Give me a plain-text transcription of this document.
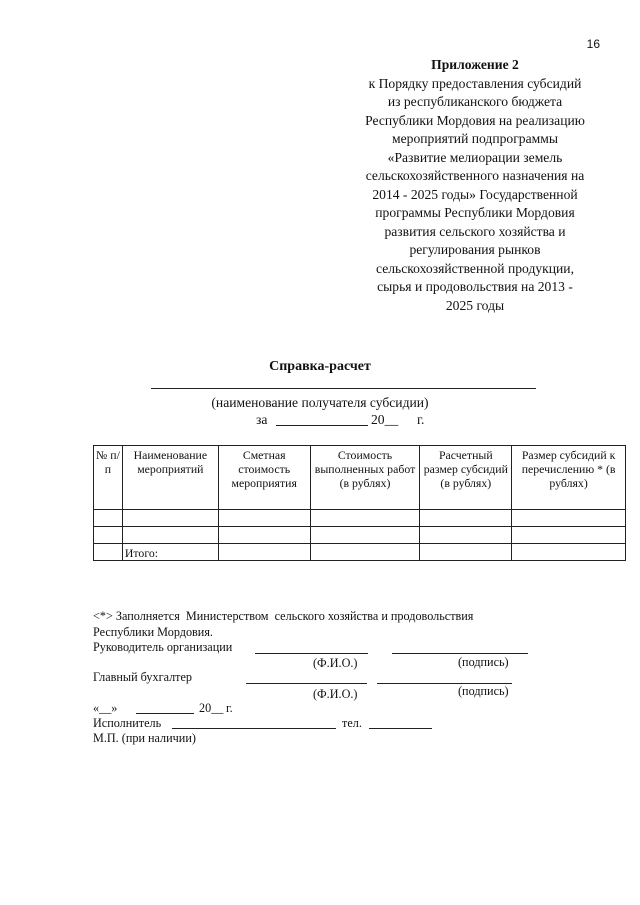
16
Приложение 2
к Порядку предоставления субсидий
из республиканского бюджета
Республики Мордовия на реализацию
мероприятий подпрограммы
«Развитие мелиорации земель
сельскохозяйственного назначения на
2014 - 2025 годы» Государственной
программы Республики Мордовия
развития сельского хозяйства и
регулирования рынков
сельскохозяйственной продукции,
сырья и продовольствия на 2013 -
2025 годы
Справка-расчет
(наименование получателя субсидии)
за	20__ г.
№ п/п	Наименование мероприятий	Сметная стоимость мероприятия	Стоимость выполненных работ (в рублях)	Расчетный размер субсидий (в рублях)	Размер субсидий к перечислению * (в рублях)

	Итого:				
<*> Заполняется  Министерством  сельского хозяйства и продовольствия
Республики Мордовия.
Руководитель организации
(Ф.И.О.)	(подпись)
Главный бухгалтер
(Ф.И.О.)	(подпись)
«__»	20__ г.
Исполнитель	тел.
М.П. (при наличии)
